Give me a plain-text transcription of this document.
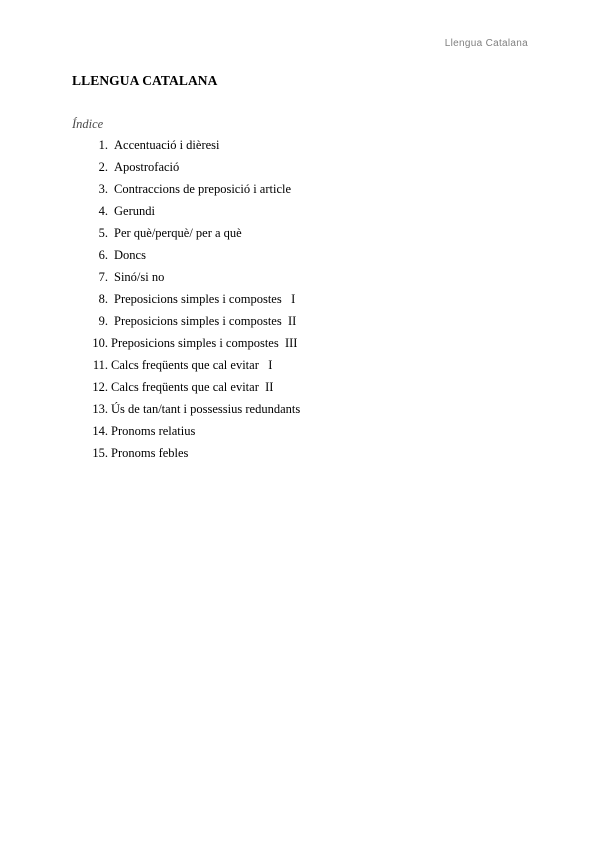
Llengua Catalana
LLENGUA CATALANA
Índice
1. Accentuació i dièresi
2. Apostrofació
3. Contraccions de preposició i article
4. Gerundi
5. Per què/perquè/ per a què
6. Doncs
7. Sinó/si no
8. Preposicions simples i compostes   I
9. Preposicions simples i compostes  II
10. Preposicions simples i compostes  III
11. Calcs freqüents que cal evitar   I
12. Calcs freqüents que cal evitar  II
13. Ús de tan/tant i possessius redundants
14. Pronoms relatius
15. Pronoms febles
